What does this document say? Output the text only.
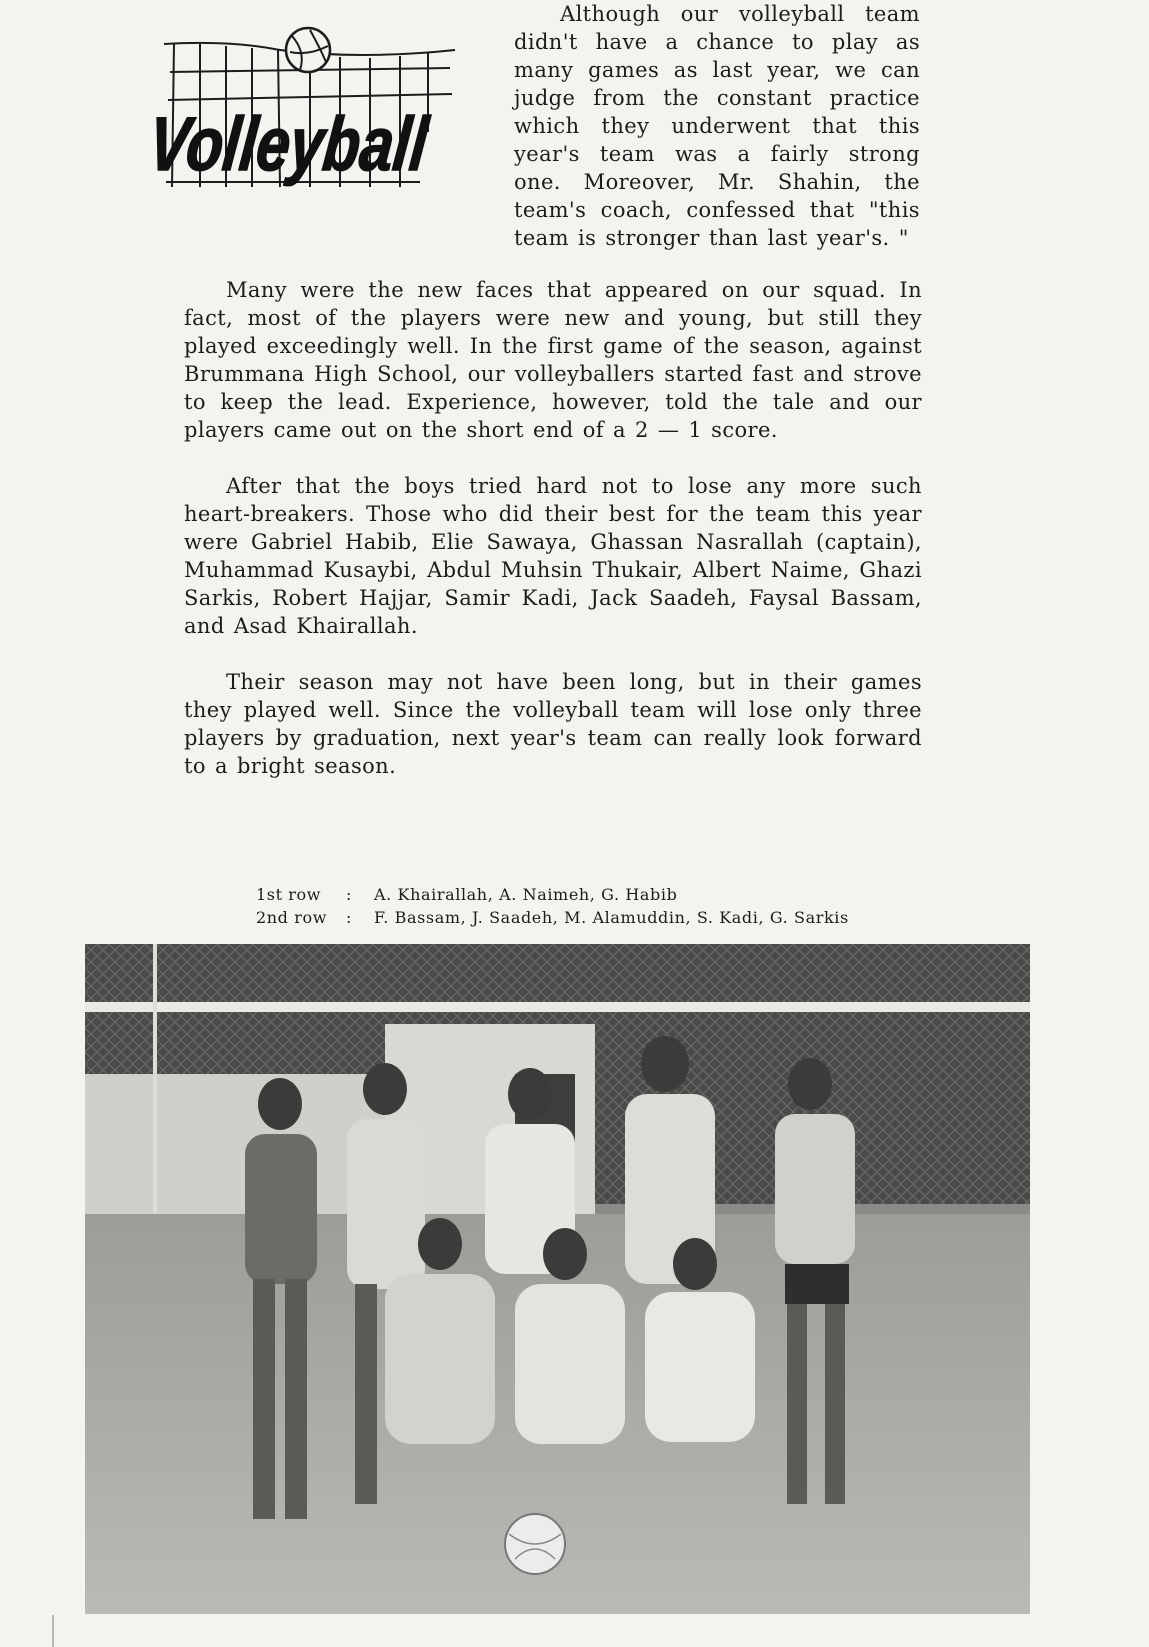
Volleyball

Although our volleyball team didn't have a chance to play as many games as last year, we can judge from the constant practice which they underwent that this year's team was a fairly strong one. Moreover, Mr. Shahin, the team's coach, confessed that "this team is stronger than last year's. "

Many were the new faces that appeared on our squad. In fact, most of the players were new and young, but still they played exceedingly well. In the first game of the season, against Brummana High School, our volleyballers started fast and strove to keep the lead. Experience, however, told the tale and our players came out on the short end of a 2 — 1 score.

After that the boys tried hard not to lose any more such heart-breakers. Those who did their best for the team this year were Gabriel Habib, Elie Sawaya, Ghassan Nasrallah (captain), Muhammad Kusaybi, Abdul Muhsin Thukair, Albert Naime, Ghazi Sarkis, Robert Hajjar, Samir Kadi, Jack Saadeh, Faysal Bassam, and Asad Khairallah.

Their season may not have been long, but in their games they played well. Since the volleyball team will lose only three players by graduation, next year's team can really look forward to a bright season.

1st row	:	A. Khairallah, A. Naimeh, G. Habib
2nd row	:	F. Bassam, J. Saadeh, M. Alamuddin, S. Kadi, G. Sarkis
